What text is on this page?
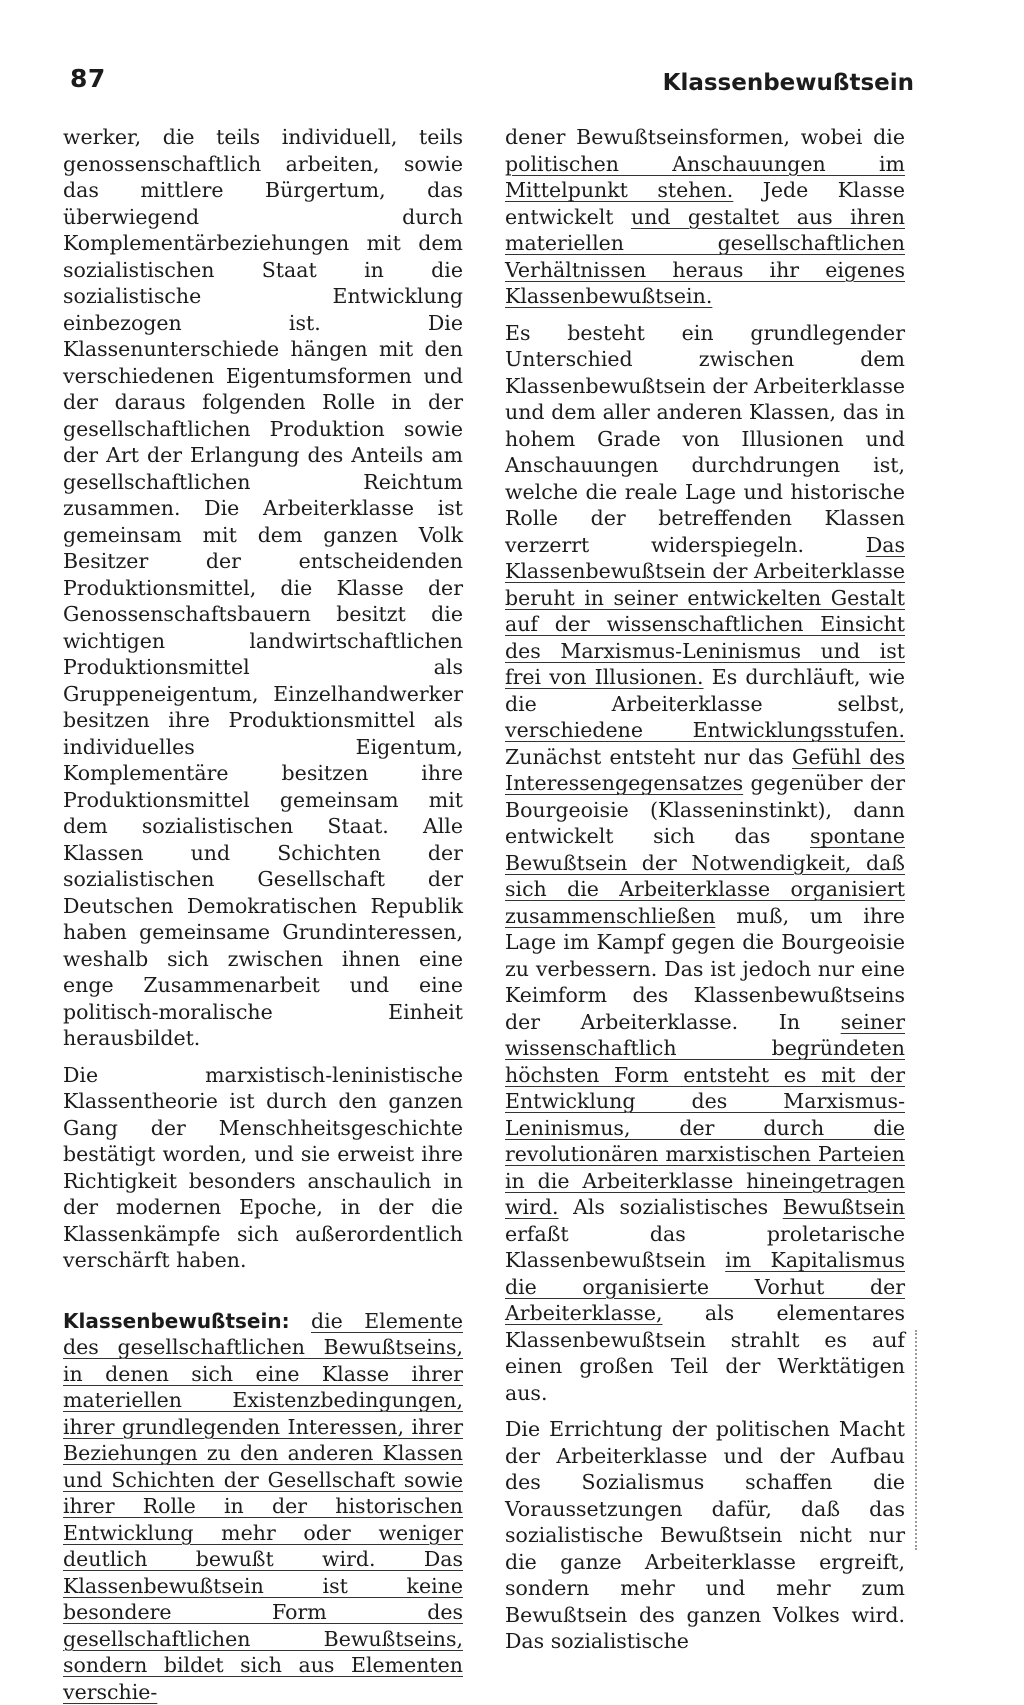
87	Klassenbewußtsein

werker, die teils individuell, teils genossenschaftlich arbeiten, sowie das mittlere Bürgertum, das überwiegend durch Komplementärbeziehungen mit dem sozialistischen Staat in die sozialistische Entwicklung einbezogen ist. Die Klassenunterschiede hängen mit den verschiedenen Eigentumsformen und der daraus folgenden Rolle in der gesellschaftlichen Produktion sowie der Art der Erlangung des Anteils am gesellschaftlichen Reichtum zusammen. Die Arbeiterklasse ist gemeinsam mit dem ganzen Volk Besitzer der entscheidenden Produktionsmittel, die Klasse der Genossenschaftsbauern besitzt die wichtigen landwirtschaftlichen Produktionsmittel als Gruppeneigentum, Einzelhandwerker besitzen ihre Produktionsmittel als individuelles Eigentum, Komplementäre besitzen ihre Produktionsmittel gemeinsam mit dem sozialistischen Staat. Alle Klassen und Schichten der sozialistischen Gesellschaft der Deutschen Demokratischen Republik haben gemeinsame Grundinteressen, weshalb sich zwischen ihnen eine enge Zusammenarbeit und eine politisch-moralische Einheit herausbildet.

Die marxistisch-leninistische Klassentheorie ist durch den ganzen Gang der Menschheitsgeschichte bestätigt worden, und sie erweist ihre Richtigkeit besonders anschaulich in der modernen Epoche, in der die Klassenkämpfe sich außerordentlich verschärft haben.

Klassenbewußtsein: die Elemente des gesellschaftlichen Bewußtseins, in denen sich eine Klasse ihrer materiellen Existenzbedingungen, ihrer grundlegenden Interessen, ihrer Beziehungen zu den anderen Klassen und Schichten der Gesellschaft sowie ihrer Rolle in der historischen Entwicklung mehr oder weniger deutlich bewußt wird. Das Klassenbewußtsein ist keine besondere Form des gesellschaftlichen Bewußtseins, sondern bildet sich aus Elementen verschie-

dener Bewußtseinsformen, wobei die politischen Anschauungen im Mittelpunkt stehen. Jede Klasse entwickelt und gestaltet aus ihren materiellen gesellschaftlichen Verhältnissen heraus ihr eigenes Klassenbewußtsein.

Es besteht ein grundlegender Unterschied zwischen dem Klassenbewußtsein der Arbeiterklasse und dem aller anderen Klassen, das in hohem Grade von Illusionen und Anschauungen durchdrungen ist, welche die reale Lage und historische Rolle der betreffenden Klassen verzerrt widerspiegeln. Das Klassenbewußtsein der Arbeiterklasse beruht in seiner entwickelten Gestalt auf der wissenschaftlichen Einsicht des Marxismus-Leninismus und ist frei von Illusionen. Es durchläuft, wie die Arbeiterklasse selbst, verschiedene Entwicklungsstufen. Zunächst entsteht nur das Gefühl des Interessengegensatzes gegenüber der Bourgeoisie (Klasseninstinkt), dann entwickelt sich das spontane Bewußtsein der Notwendigkeit, daß sich die Arbeiterklasse organisiert zusammenschließen muß, um ihre Lage im Kampf gegen die Bourgeoisie zu verbessern. Das ist jedoch nur eine Keimform des Klassenbewußtseins der Arbeiterklasse. In seiner wissenschaftlich begründeten höchsten Form entsteht es mit der Entwicklung des Marxismus-Leninismus, der durch die revolutionären marxistischen Parteien in die Arbeiterklasse hineingetragen wird. Als sozialistisches Bewußtsein erfaßt das proletarische Klassenbewußtsein im Kapitalismus die organisierte Vorhut der Arbeiterklasse, als elementares Klassenbewußtsein strahlt es auf einen großen Teil der Werktätigen aus.

Die Errichtung der politischen Macht der Arbeiterklasse und der Aufbau des Sozialismus schaffen die Voraussetzungen dafür, daß das sozialistische Bewußtsein nicht nur die ganze Arbeiterklasse ergreift, sondern mehr und mehr zum Bewußtsein des ganzen Volkes wird. Das sozialistische
